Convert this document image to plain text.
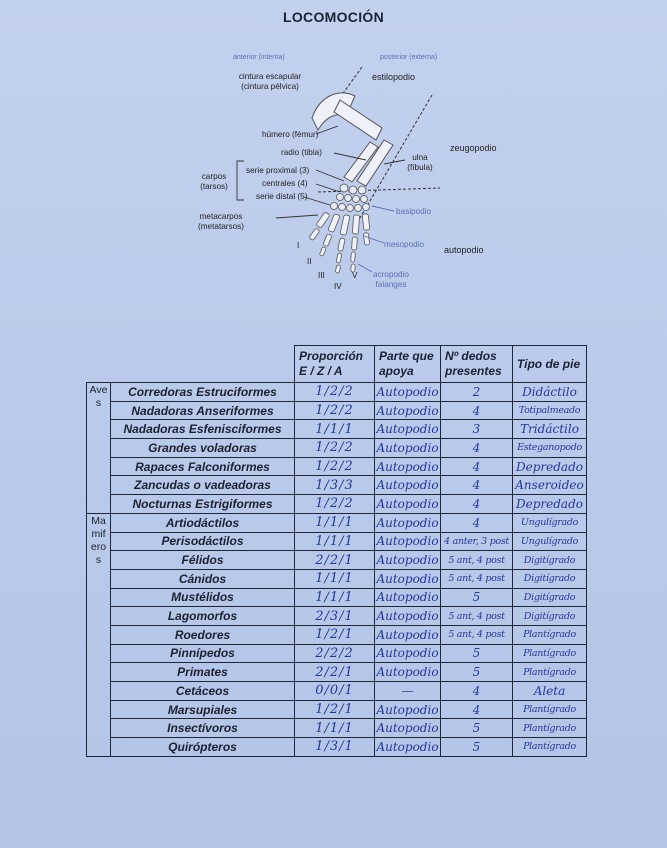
LOCOMOCIÓN
anterior (interna)	posterior (externa)
cintura escapular
(cintura pélvica)
estilopodio
húmero (fémur)
radio (tibia)
ulna
(fíbula)
zeugopodio
carpos
(tarsos)
serie proximal (3)
centrales (4)
serie distal (5)
metacarpos
(metatarsos)
basipodio
mesopodio
autopodio
acropodio
falanges
I
II
III
IV
V
		Proporción E / Z / A	Parte que apoya	Nº dedos presentes	Tipo de pie
Ave s	Corredoras Estruciformes	1/2/2	Autopodio	2	Didáctilo
	Nadadoras Anseriformes	1/2/2	Autopodio	4	Totipalmeado
	Nadadoras Esfenisciformes	1/1/1	Autopodio	3	Tridáctilo
	Grandes voladoras	1/2/2	Autopodio	4	Esteganopodo
	Rapaces Falconiformes	1/2/2	Autopodio	4	Depredado
	Zancudas o vadeadoras	1/3/3	Autopodio	4	Anseroideo
	Nocturnas Estrigiformes	1/2/2	Autopodio	4	Depredado
Ma mif ero s	Artiodáctilos	1/1/1	Autopodio	4	Ungulígrado
	Perisodáctilos	1/1/1	Autopodio	4 anter, 3 post	Ungulígrado
	Félidos	2/2/1	Autopodio	5 ant, 4 post	Digitígrado
	Cánidos	1/1/1	Autopodio	5 ant, 4 post	Digitígrado
	Mustélidos	1/1/1	Autopodio	5	Digitígrado
	Lagomorfos	2/3/1	Autopodio	5 ant, 4 post	Digitígrado
	Roedores	1/2/1	Autopodio	5 ant, 4 post	Plantígrado
	Pinnípedos	2/2/2	Autopodio	5	Plantígrado
	Primates	2/2/1	Autopodio	5	Plantígrado
	Cetáceos	0/0/1	—	4	Aleta
	Marsupiales	1/2/1	Autopodio	4	Plantígrado
	Insectívoros	1/1/1	Autopodio	5	Plantígrado
	Quirópteros	1/3/1	Autopodio	5	Plantígrado
